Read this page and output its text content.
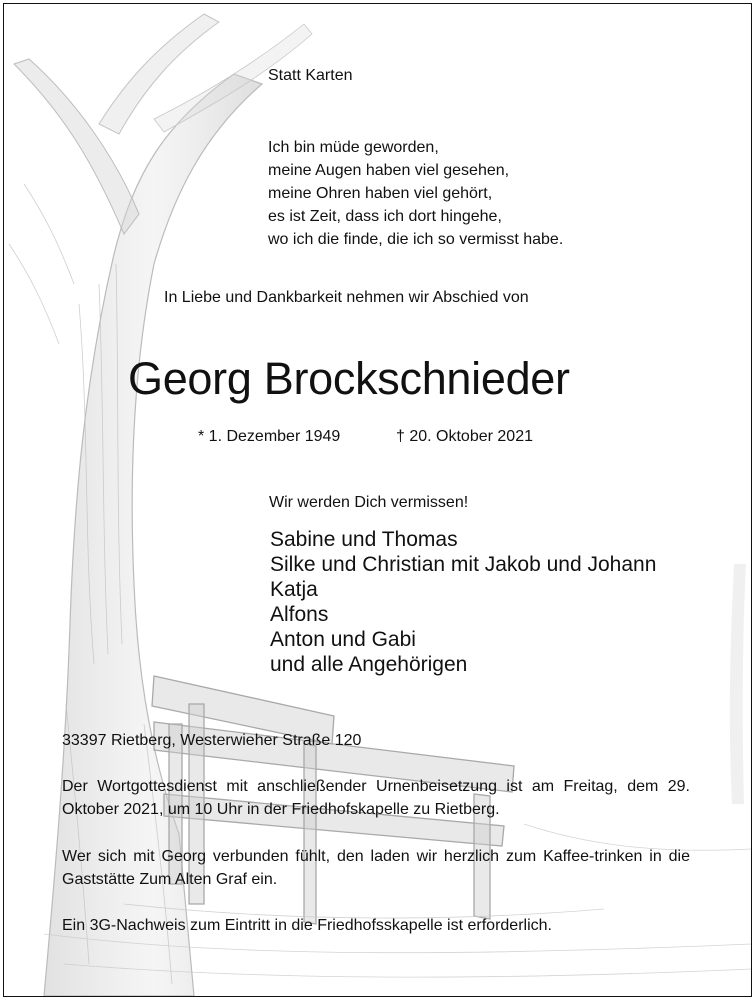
Statt Karten
Ich bin müde geworden,
meine Augen haben viel gesehen,
meine Ohren haben viel gehört,
es ist Zeit, dass ich dort hingehe,
wo ich die finde, die ich so vermisst habe.
In Liebe und Dankbarkeit nehmen wir Abschied von
Georg Brockschnieder
* 1. Dezember 1949	† 20. Oktober 2021
Wir werden Dich vermissen!
Sabine und Thomas
Silke und Christian mit Jakob und Johann
Katja
Alfons
Anton und Gabi
und alle Angehörigen
33397 Rietberg, Westerwieher Straße 120
Der Wortgottesdienst mit anschließender Urnenbeisetzung ist am Freitag, dem 29. Oktober 2021, um 10 Uhr in der Friedhofskapelle zu Rietberg.
Wer sich mit Georg verbunden fühlt, den laden wir herzlich zum Kaffee-trinken in die Gaststätte Zum Alten Graf ein.
Ein 3G-Nachweis zum Eintritt in die Friedhofsskapelle ist erforderlich.
